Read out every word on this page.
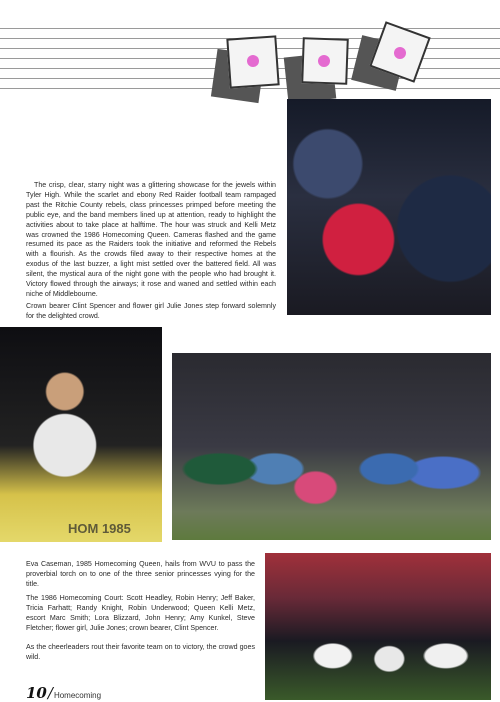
HOM 1985

The crisp, clear, starry night was a glittering showcase for the jewels within Tyler High. While the scarlet and ebony Red Raider football team rampaged past the Ritchie County rebels, class princesses primped before meeting the public eye, and the band members lined up at attention, ready to highlight the activities about to take place at halftime. The hour was struck and Kelli Metz was crowned the 1986 Homecoming Queen. Cameras flashed and the game resumed its pace as the Raiders took the initiative and reformed the Rebels with a flourish. As the crowds filed away to their respective homes at the exodus of the last buzzer, a light mist settled over the battered field. All was silent, the mystical aura of the night gone with the people who had brought it. Victory flowed through the airways; it rose and waned and settled within each niche of Middlebourne.

Crown bearer Clint Spencer and flower girl Julie Jones step forward solemnly for the delighted crowd.

Eva Caseman, 1985 Homecoming Queen, hails from WVU to pass the proverbial torch on to one of the three senior princesses vying for the title.

The 1986 Homecoming Court: Scott Headley, Robin Henry; Jeff Baker, Tricia Farhatt; Randy Knight, Robin Underwood; Queen Kelli Metz, escort Marc Smith; Lora Blizzard, John Henry; Amy Kunkel, Steve Fletcher; flower girl, Julie Jones; crown bearer, Clint Spencer.

As the cheerleaders rout their favorite team on to victory, the crowd goes wild.

10 / Homecoming
